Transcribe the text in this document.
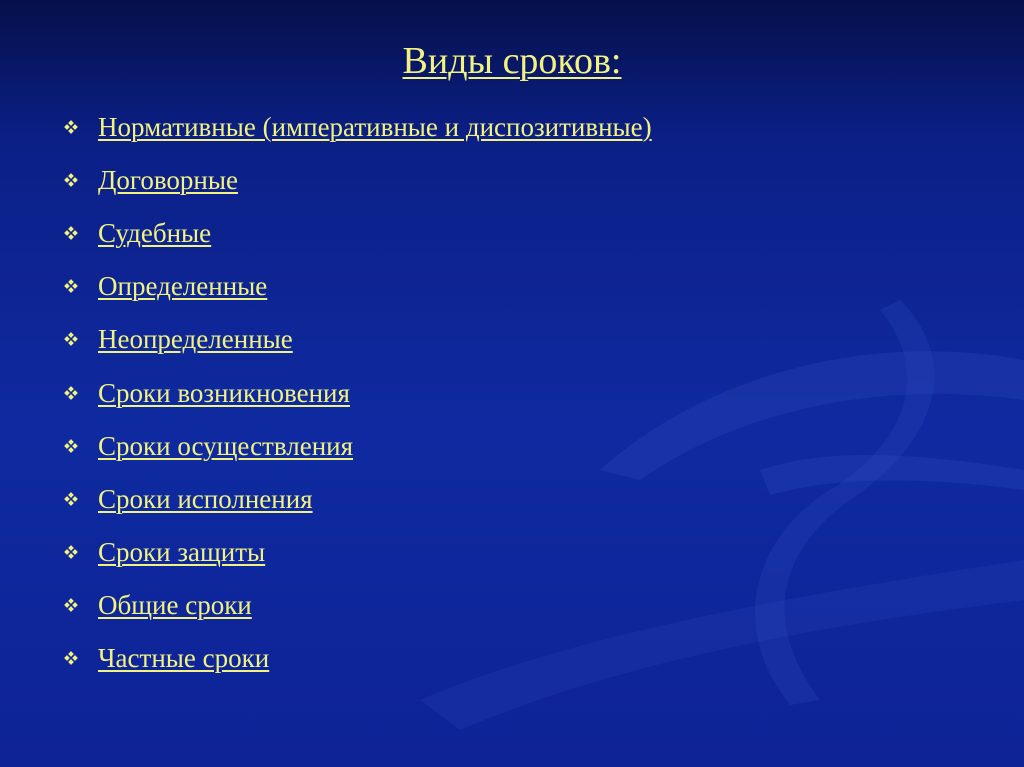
Виды сроков:
Нормативные (императивные и диспозитивные)
Договорные
Судебные
Определенные
Неопределенные
Сроки возникновения
Сроки осуществления
Сроки исполнения
Сроки защиты
Общие сроки
Частные сроки
